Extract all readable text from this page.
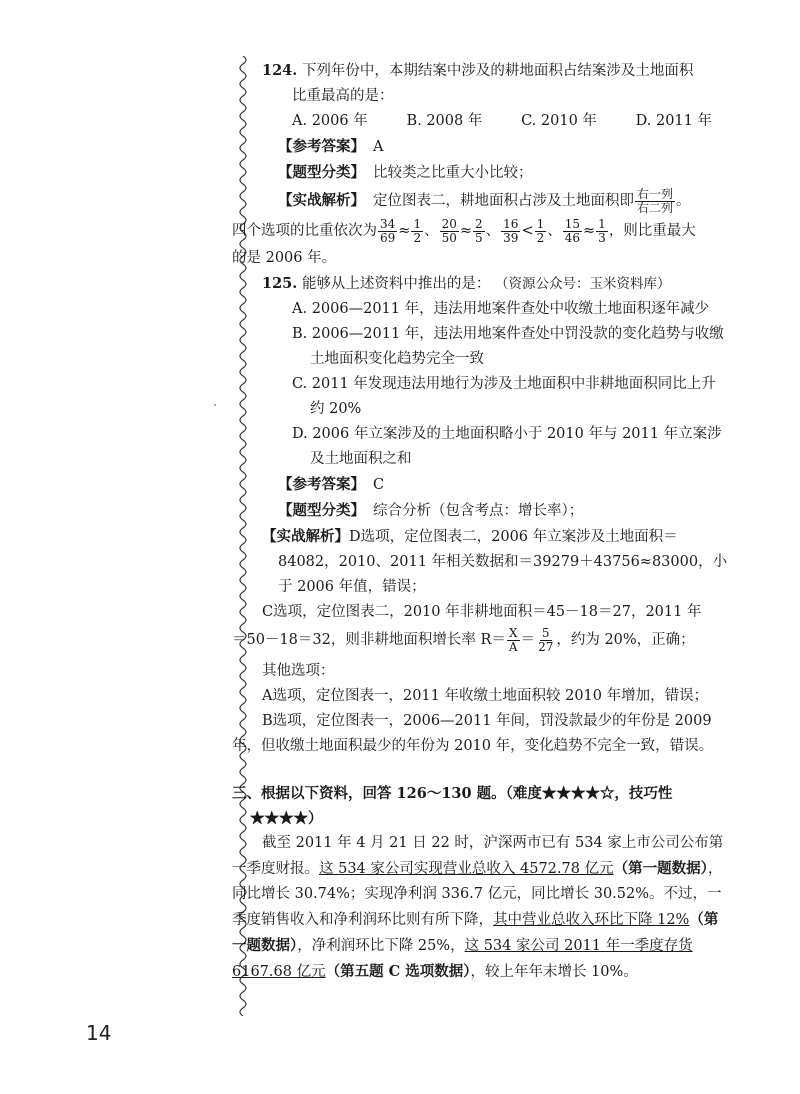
124. 下列年份中，本期结案中涉及的耕地面积占结案涉及土地面积
比重最高的是：
A. 2006 年	B. 2008 年	C. 2010 年	D. 2011 年
【参考答案】 A
【题型分类】 比较类之比重大小比较；
【实战解析】 定位图表二，耕地面积占涉及土地面积即 $\frac{\text{右一列}}{\text{右二列}}$ 。
四个选项的比重依次为 $\frac{34}{69} \approx \frac{1}{2}$ 、 $\frac{20}{50} \approx \frac{2}{5}$ 、 $\frac{16}{39} < \frac{1}{2}$ 、 $\frac{15}{46} \approx \frac{1}{3}$ ，则比重最大
的是 2006 年。
125. 能够从上述资料中推出的是： （资源公众号：玉米资料库）
A. 2006—2011 年，违法用地案件查处中收缴土地面积逐年减少
B. 2006—2011 年，违法用地案件查处中罚没款的变化趋势与收缴土地面积变化趋势完全一致
C. 2011 年发现违法用地行为涉及土地面积中非耕地面积同比上升约 20%
D. 2006 年立案涉及的土地面积略小于 2010 年与 2011 年立案涉及土地面积之和
【参考答案】 C
【题型分类】 综合分析（包含考点：增长率）；
【实战解析】D选项，定位图表二，2006 年立案涉及土地面积＝84082，2010、2011 年相关数据和＝39279＋43756≈83000，小于 2006 年值，错误；
C选项，定位图表二，2010 年非耕地面积＝45－18＝27，2011 年
＝50－18＝32，则非耕地面积增长率 $R= \frac{X}{A} = \frac{5}{27}$ ，约为 20%，正确；
其他选项：
A选项，定位图表一，2011 年收缴土地面积较 2010 年增加，错误；
B选项，定位图表一，2006—2011 年间，罚没款最少的年份是 2009 年，但收缴土地面积最少的年份为 2010 年，变化趋势不完全一致，错误。
三、根据以下资料，回答 126～130 题。（难度★★★★☆，技巧性★★★★）
截至 2011 年 4 月 21 日 22 时，沪深两市已有 534 家上市公司公布第一季度财报。这 534 家公司实现营业总收入 4572.78 亿元（第一题数据），同比增长 30.74%；实现净利润 336.7 亿元，同比增长 30.52%。不过，一季度销售收入和净利润环比则有所下降，其中营业总收入环比下降 12%（第一题数据），净利润环比下降 25%，这 534 家公司 2011 年一季度存货 6167.68 亿元（第五题 C 选项数据），较上年年末增长 10%。
14
